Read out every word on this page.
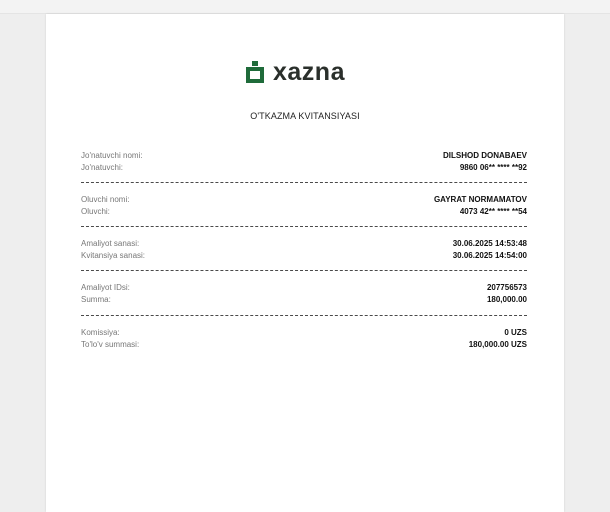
xazna
O'TKAZMA KVITANSIYASI
Jo'natuvchi nomi:	DILSHOD DONABAEV
Jo'natuvchi:	9860 06** **** **92
Oluvchi nomi:	GAYRAT NORMAMATOV
Oluvchi:	4073 42** **** **54
Amaliyot sanasi:	30.06.2025 14:53:48
Kvitansiya sanasi:	30.06.2025 14:54:00
Amaliyot IDsi:	207756573
Summa:	180,000.00
Komissiya:	0 UZS
To'lo'v summasi:	180,000.00 UZS
